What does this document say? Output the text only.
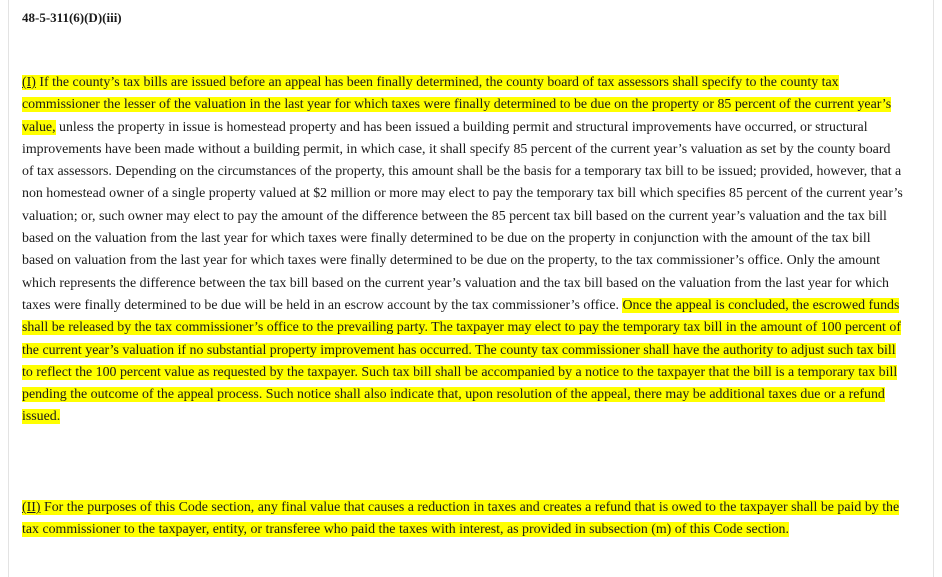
48-5-311(6)(D)(iii)

(I) If the county’s tax bills are issued before an appeal has been finally determined, the county board of tax assessors shall specify to the county tax commissioner the lesser of the valuation in the last year for which taxes were finally determined to be due on the property or 85 percent of the current year’s value, unless the property in issue is homestead property and has been issued a building permit and structural improvements have occurred, or structural improvements have been made without a building permit, in which case, it shall specify 85 percent of the current year’s valuation as set by the county board of tax assessors. Depending on the circumstances of the property, this amount shall be the basis for a temporary tax bill to be issued; provided, however, that a non homestead owner of a single property valued at $2 million or more may elect to pay the temporary tax bill which specifies 85 percent of the current year’s valuation; or, such owner may elect to pay the amount of the difference between the 85 percent tax bill based on the current year’s valuation and the tax bill based on the valuation from the last year for which taxes were finally determined to be due on the property in conjunction with the amount of the tax bill based on valuation from the last year for which taxes were finally determined to be due on the property, to the tax commissioner’s office. Only the amount which represents the difference between the tax bill based on the current year’s valuation and the tax bill based on the valuation from the last year for which taxes were finally determined to be due will be held in an escrow account by the tax commissioner’s office. Once the appeal is concluded, the escrowed funds shall be released by the tax commissioner’s office to the prevailing party. The taxpayer may elect to pay the temporary tax bill in the amount of 100 percent of the current year’s valuation if no substantial property improvement has occurred. The county tax commissioner shall have the authority to adjust such tax bill to reflect the 100 percent value as requested by the taxpayer. Such tax bill shall be accompanied by a notice to the taxpayer that the bill is a temporary tax bill pending the outcome of the appeal process. Such notice shall also indicate that, upon resolution of the appeal, there may be additional taxes due or a refund issued.

(II) For the purposes of this Code section, any final value that causes a reduction in taxes and creates a refund that is owed to the taxpayer shall be paid by the tax commissioner to the taxpayer, entity, or transferee who paid the taxes with interest, as provided in subsection (m) of this Code section.
